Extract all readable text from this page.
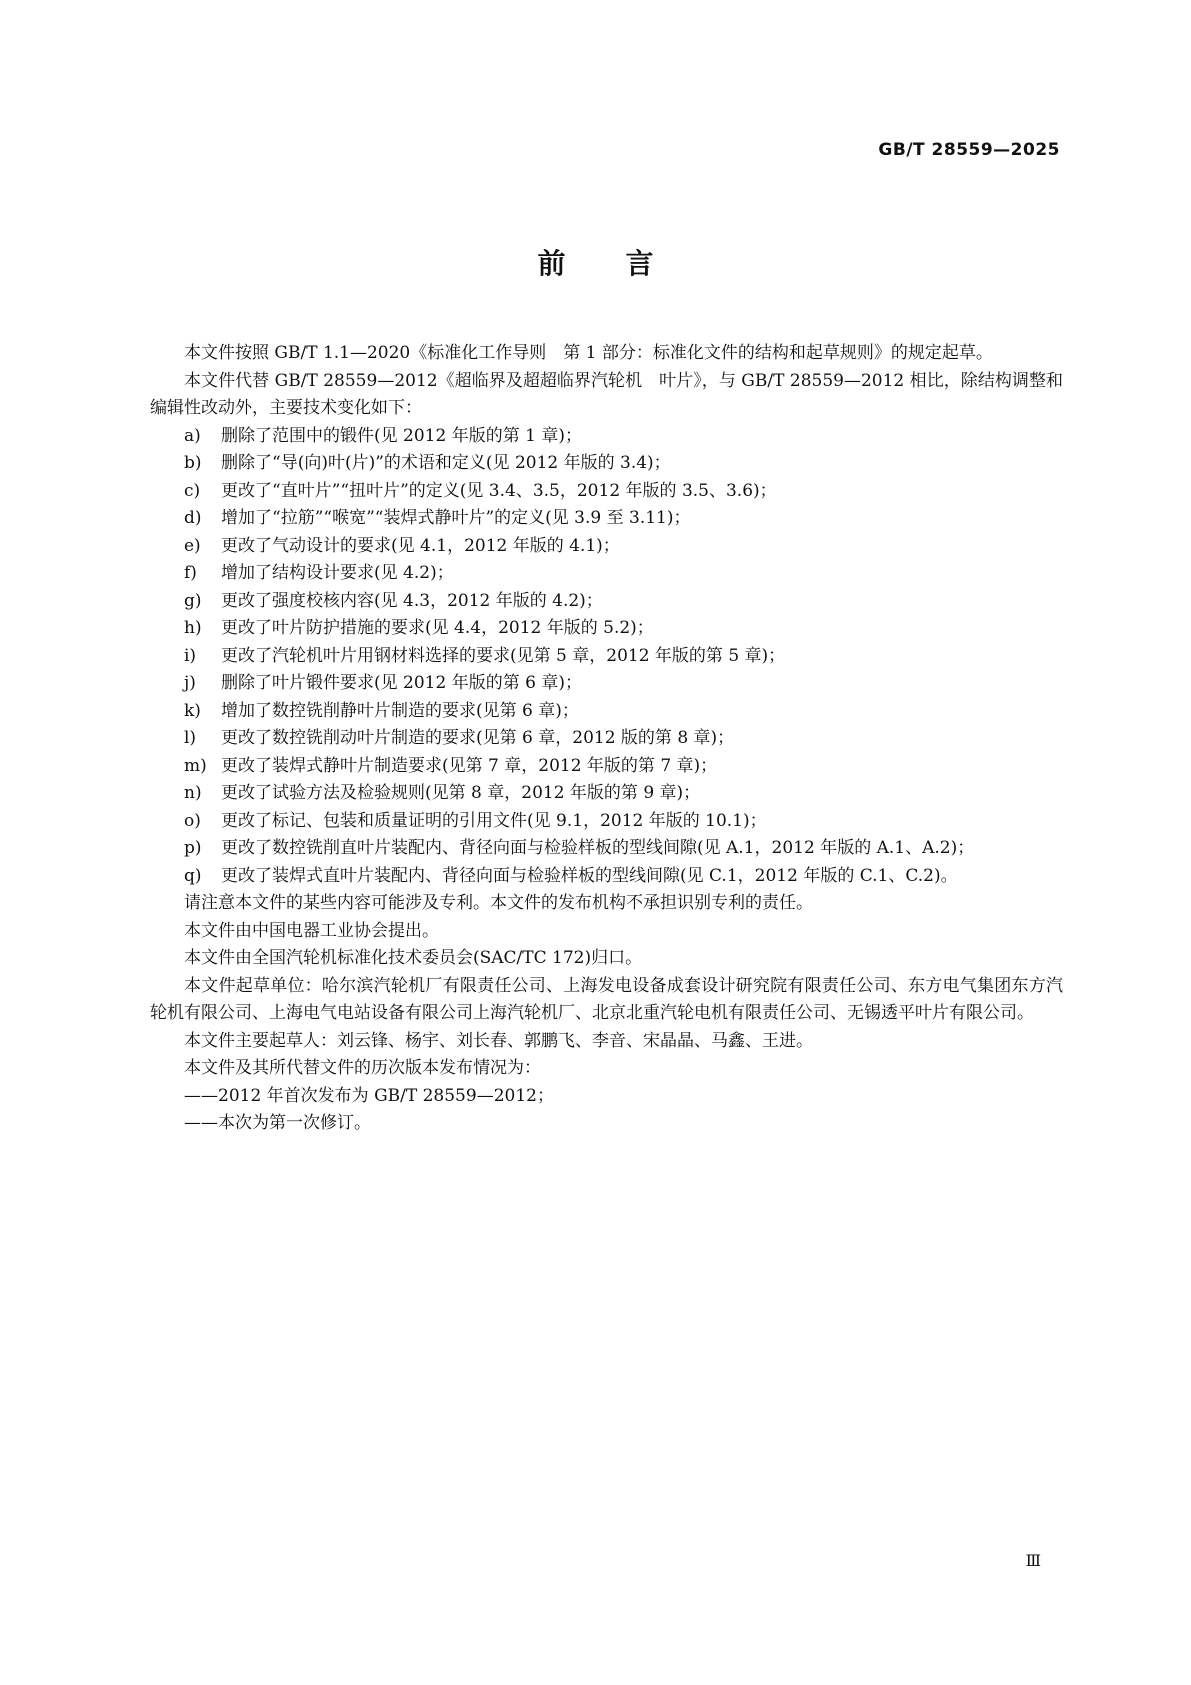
GB/T 28559—2025
前言

本文件按照 GB/T 1.1—2020《标准化工作导则　第 1 部分：标准化文件的结构和起草规则》的规定起草。

本文件代替 GB/T 28559—2012《超临界及超超临界汽轮机　叶片》，与 GB/T 28559—2012 相比，除结构调整和编辑性改动外，主要技术变化如下：

a)	删除了范围中的锻件(见 2012 年版的第 1 章)；
b)	删除了“导(向)叶(片)”的术语和定义(见 2012 年版的 3.4)；
c)	更改了“直叶片”“扭叶片”的定义(见 3.4、3.5，2012 年版的 3.5、3.6)；
d)	增加了“拉筋”“喉宽”“装焊式静叶片”的定义(见 3.9 至 3.11)；
e)	更改了气动设计的要求(见 4.1，2012 年版的 4.1)；
f)	增加了结构设计要求(见 4.2)；
g)	更改了强度校核内容(见 4.3，2012 年版的 4.2)；
h)	更改了叶片防护措施的要求(见 4.4，2012 年版的 5.2)；
i)	更改了汽轮机叶片用钢材料选择的要求(见第 5 章，2012 年版的第 5 章)；
j)	删除了叶片锻件要求(见 2012 年版的第 6 章)；
k)	增加了数控铣削静叶片制造的要求(见第 6 章)；
l)	更改了数控铣削动叶片制造的要求(见第 6 章，2012 版的第 8 章)；
m) 更改了装焊式静叶片制造要求(见第 7 章，2012 年版的第 7 章)；
n)	更改了试验方法及检验规则(见第 8 章，2012 年版的第 9 章)；
o)	更改了标记、包装和质量证明的引用文件(见 9.1，2012 年版的 10.1)；
p)	更改了数控铣削直叶片装配内、背径向面与检验样板的型线间隙(见 A.1，2012 年版的 A.1、A.2)；
q)	更改了装焊式直叶片装配内、背径向面与检验样板的型线间隙(见 C.1，2012 年版的 C.1、C.2)。

请注意本文件的某些内容可能涉及专利。本文件的发布机构不承担识别专利的责任。

本文件由中国电器工业协会提出。

本文件由全国汽轮机标准化技术委员会(SAC/TC 172)归口。

本文件起草单位：哈尔滨汽轮机厂有限责任公司、上海发电设备成套设计研究院有限责任公司、东方电气集团东方汽轮机有限公司、上海电气电站设备有限公司上海汽轮机厂、北京北重汽轮电机有限责任公司、无锡透平叶片有限公司。

本文件主要起草人：刘云锋、杨宇、刘长春、郭鹏飞、李音、宋晶晶、马鑫、王进。

本文件及其所代替文件的历次版本发布情况为：

——2012 年首次发布为 GB/T 28559—2012；
——本次为第一次修订。
Ⅲ
